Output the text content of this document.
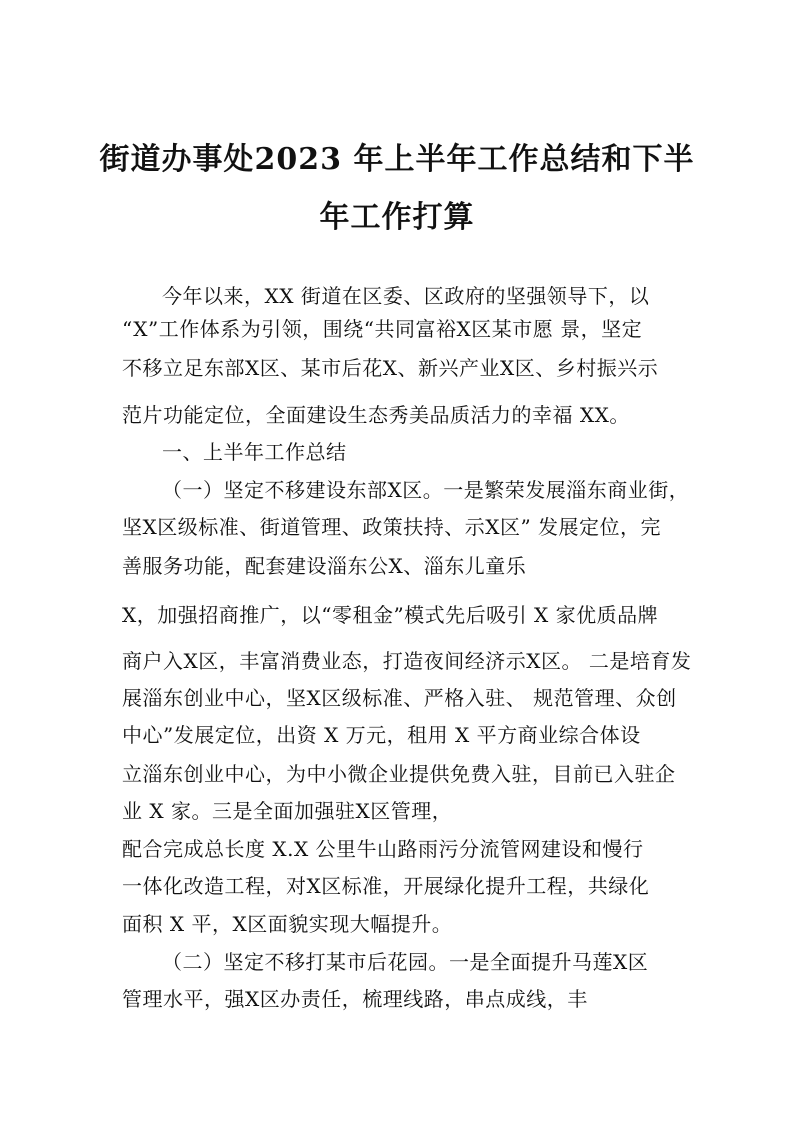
街道办事处2023 年上半年工作总结和下半
年工作打算
今年以来，XX 街道在区委、区政府的坚强领导下，以
“X”工作体系为引领，围绕“共同富裕X区某市愿 景，坚定
不移立足东部X区、某市后花X、新兴产业X区、乡村振兴示
范片功能定位，全面建设生态秀美品质活力的幸福 XX。
一、上半年工作总结
（一）坚定不移建设东部X区。一是繁荣发展淄东商业街，
坚X区级标准、街道管理、政策扶持、示X区” 发展定位，完
善服务功能，配套建设淄东公X、淄东儿童乐
X，加强招商推广，以“零租金”模式先后吸引 X 家优质品牌
商户入X区，丰富消费业态，打造夜间经济示X区。 二是培育发
展淄东创业中心，坚X区级标准、严格入驻、 规范管理、众创
中心”发展定位，出资 X 万元，租用 X 平方商业综合体设
立淄东创业中心，为中小微企业提供免费入驻，目前已入驻企
业 X 家。三是全面加强驻X区管理，
配合完成总长度 X.X 公里牛山路雨污分流管网建设和慢行
一体化改造工程，对X区标准，开展绿化提升工程，共绿化
面积 X 平，X区面貌实现大幅提升。
（二）坚定不移打某市后花园。一是全面提升马莲X区
管理水平，强X区办责任，梳理线路，串点成线，丰
